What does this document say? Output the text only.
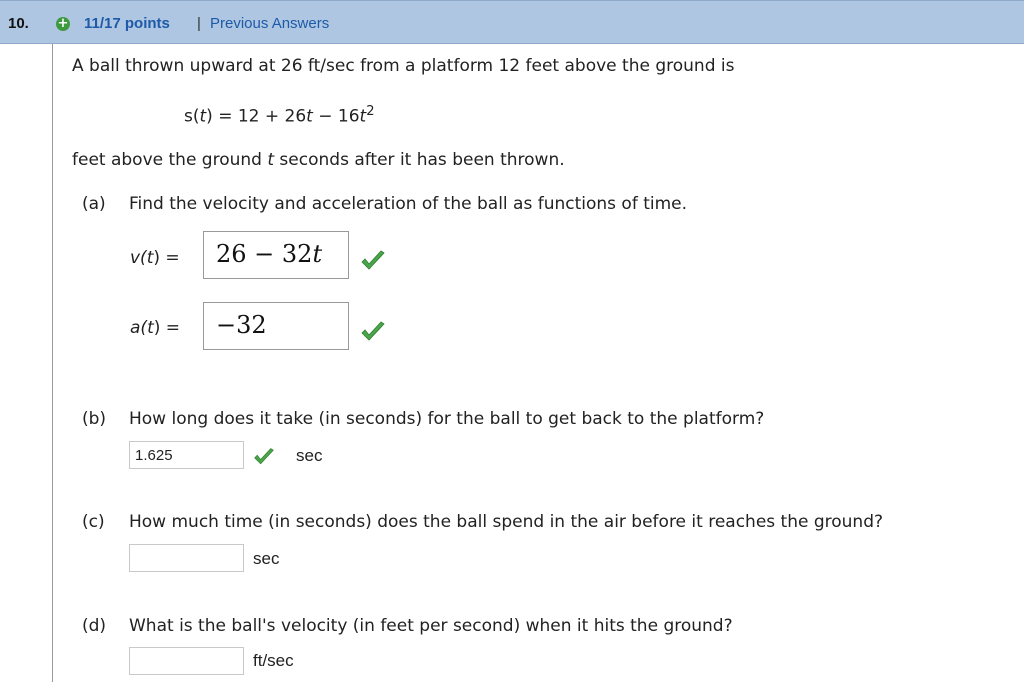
10. + 11/17 points | Previous Answers
A ball thrown upward at 26 ft/sec from a platform 12 feet above the ground is
$s(t) = 12 + 26t - 16t^2$
feet above the ground t seconds after it has been thrown.
(a) Find the velocity and acceleration of the ball as functions of time.
v(t) = 26 − 32t
a(t) = −32
(b) How long does it take (in seconds) for the ball to get back to the platform?
1.625
sec
(c) How much time (in seconds) does the ball spend in the air before it reaches the ground?
sec
(d) What is the ball's velocity (in feet per second) when it hits the ground?
ft/sec
